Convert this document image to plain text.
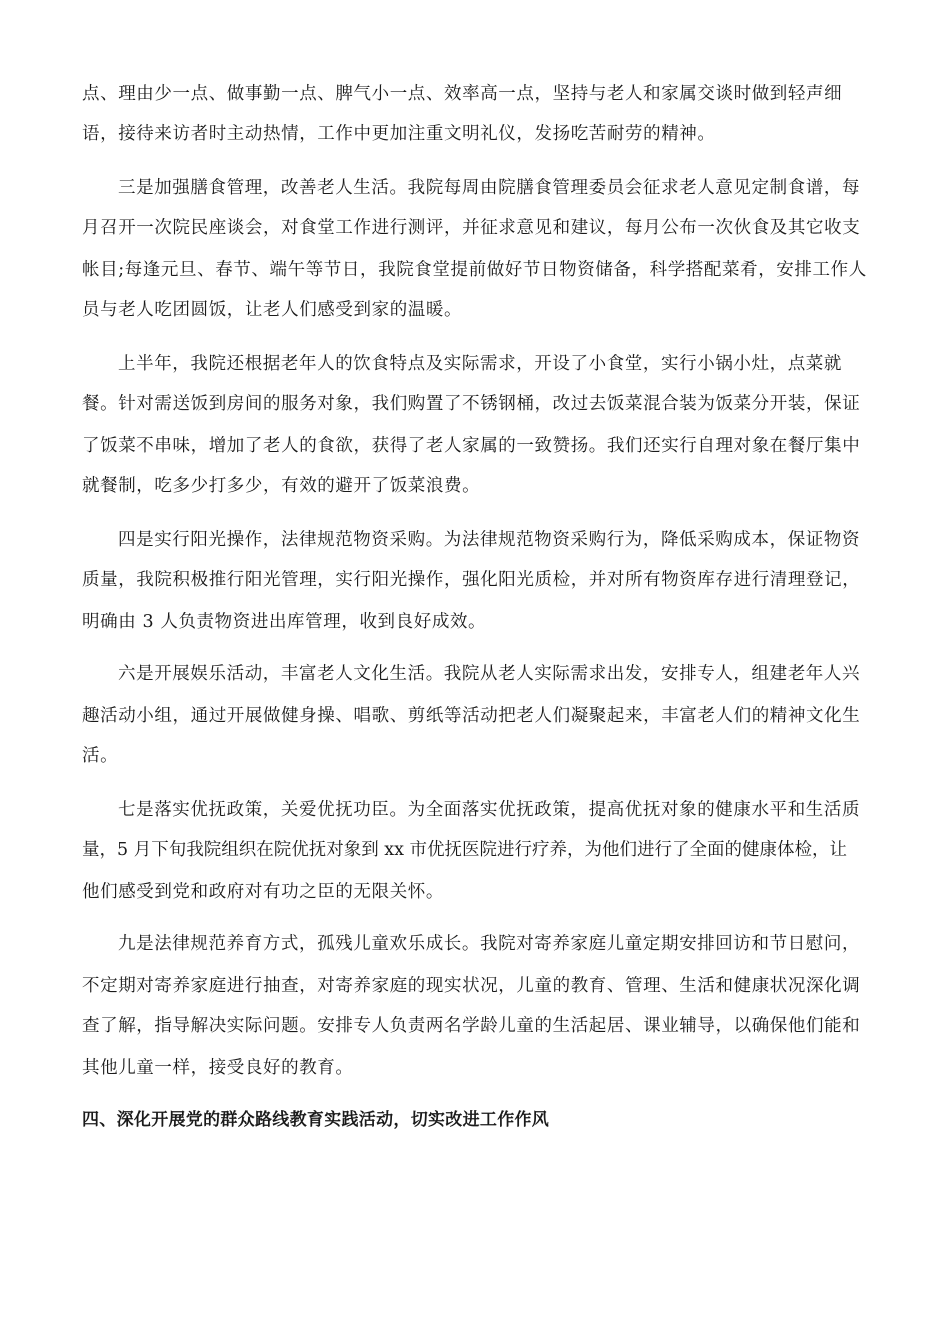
点、理由少一点、做事勤一点、脾气小一点、效率高一点，坚持与老人和家属交谈时做到轻声细
语，接待来访者时主动热情，工作中更加注重文明礼仪，发扬吃苦耐劳的精神。
三是加强膳食管理，改善老人生活。我院每周由院膳食管理委员会征求老人意见定制食谱，每
月召开一次院民座谈会，对食堂工作进行测评，并征求意见和建议，每月公布一次伙食及其它收支
帐目;每逢元旦、春节、端午等节日，我院食堂提前做好节日物资储备，科学搭配菜肴，安排工作人
员与老人吃团圆饭，让老人们感受到家的温暖。
上半年，我院还根据老年人的饮食特点及实际需求，开设了小食堂，实行小锅小灶，点菜就
餐。针对需送饭到房间的服务对象，我们购置了不锈钢桶，改过去饭菜混合装为饭菜分开装，保证
了饭菜不串味，增加了老人的食欲，获得了老人家属的一致赞扬。我们还实行自理对象在餐厅集中
就餐制，吃多少打多少，有效的避开了饭菜浪费。
四是实行阳光操作，法律规范物资采购。为法律规范物资采购行为，降低采购成本，保证物资
质量，我院积极推行阳光管理，实行阳光操作，强化阳光质检，并对所有物资库存进行清理登记，
明确由 3 人负责物资进出库管理，收到良好成效。
六是开展娱乐活动，丰富老人文化生活。我院从老人实际需求出发，安排专人，组建老年人兴
趣活动小组，通过开展做健身操、唱歌、剪纸等活动把老人们凝聚起来，丰富老人们的精神文化生
活。
七是落实优抚政策，关爱优抚功臣。为全面落实优抚政策，提高优抚对象的健康水平和生活质
量，5 月下旬我院组织在院优抚对象到 xx 市优抚医院进行疗养，为他们进行了全面的健康体检，让
他们感受到党和政府对有功之臣的无限关怀。
九是法律规范养育方式，孤残儿童欢乐成长。我院对寄养家庭儿童定期安排回访和节日慰问，
不定期对寄养家庭进行抽查，对寄养家庭的现实状况，儿童的教育、管理、生活和健康状况深化调
查了解，指导解决实际问题。安排专人负责两名学龄儿童的生活起居、课业辅导，以确保他们能和
其他儿童一样，接受良好的教育。
四、深化开展党的群众路线教育实践活动，切实改进工作作风
